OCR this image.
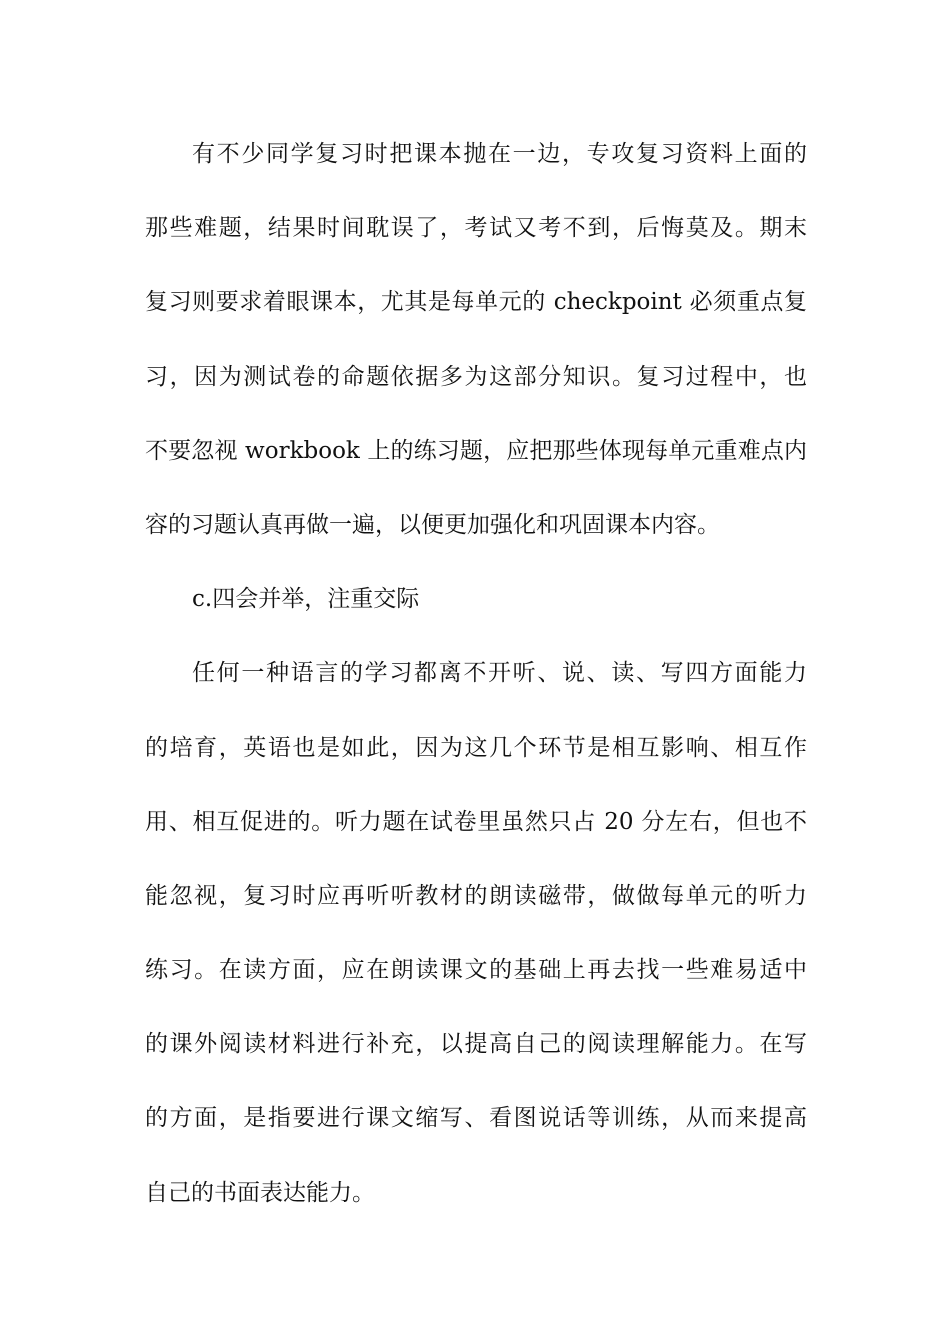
有不少同学复习时把课本抛在一边，专攻复习资料上面的
那些难题，结果时间耽误了，考试又考不到，后悔莫及。期末
复习则要求着眼课本，尤其是每单元的 checkpoint 必须重点复
习，因为测试卷的命题依据多为这部分知识。复习过程中，也
不要忽视 workbook 上的练习题，应把那些体现每单元重难点内
容的习题认真再做一遍，以便更加强化和巩固课本内容。
c.四会并举，注重交际
任何一种语言的学习都离不开听、说、读、写四方面能力
的培育，英语也是如此，因为这几个环节是相互影响、相互作
用、相互促进的。听力题在试卷里虽然只占 20 分左右，但也不
能忽视，复习时应再听听教材的朗读磁带，做做每单元的听力
练习。在读方面，应在朗读课文的基础上再去找一些难易适中
的课外阅读材料进行补充，以提高自己的阅读理解能力。在写
的方面，是指要进行课文缩写、看图说话等训练，从而来提高
自己的书面表达能力。
